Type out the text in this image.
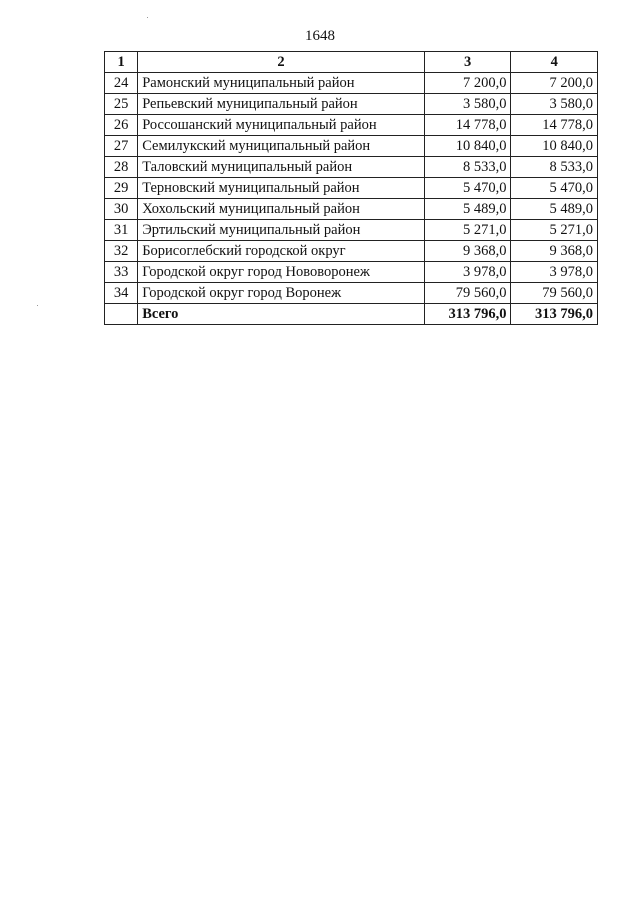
1648
1	2	3	4
24	Рамонский муниципальный район	7 200,0	7 200,0
25	Репьевский муниципальный район	3 580,0	3 580,0
26	Россошанский муниципальный район	14 778,0	14 778,0
27	Семилукский муниципальный район	10 840,0	10 840,0
28	Таловский муниципальный район	8 533,0	8 533,0
29	Терновский муниципальный район	5 470,0	5 470,0
30	Хохольский муниципальный район	5 489,0	5 489,0
31	Эртильский муниципальный район	5 271,0	5 271,0
32	Борисоглебский городской округ	9 368,0	9 368,0
33	Городской округ город Нововоронеж	3 978,0	3 978,0
34	Городской округ город Воронеж	79 560,0	79 560,0
	Всего	313 796,0	313 796,0
